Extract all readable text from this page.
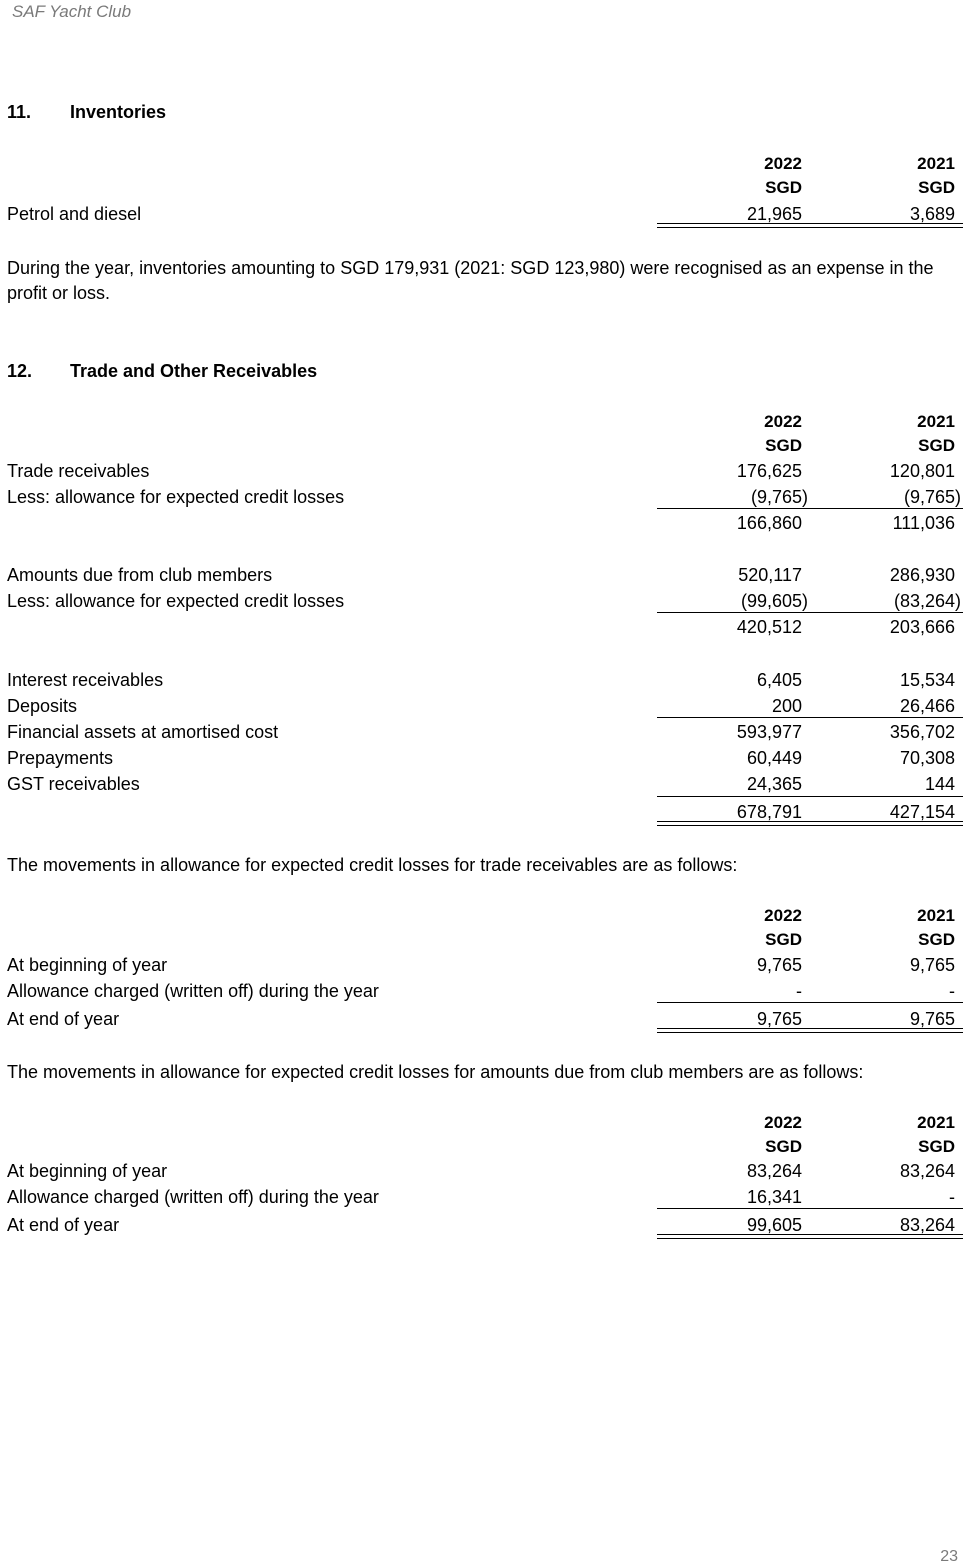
SAF Yacht Club
11. Inventories
2022	2021
SGD	SGD
Petrol and diesel	21,965	3,689
During the year, inventories amounting to SGD 179,931 (2021: SGD 123,980) were recognised as an expense in the profit or loss.
12. Trade and Other Receivables
2022	2021
SGD	SGD
Trade receivables	176,625	120,801
Less: allowance for expected credit losses	(9,765)	(9,765)
166,860	111,036
Amounts due from club members	520,117	286,930
Less: allowance for expected credit losses	(99,605)	(83,264)
420,512	203,666
Interest receivables	6,405	15,534
Deposits	200	26,466
Financial assets at amortised cost	593,977	356,702
Prepayments	60,449	70,308
GST receivables	24,365	144
678,791	427,154
The movements in allowance for expected credit losses for trade receivables are as follows:
2022	2021
SGD	SGD
At beginning of year	9,765	9,765
Allowance charged (written off) during the year	-	-
At end of year	9,765	9,765
The movements in allowance for expected credit losses for amounts due from club members are as follows:
2022	2021
SGD	SGD
At beginning of year	83,264	83,264
Allowance charged (written off) during the year	16,341	-
At end of year	99,605	83,264
23
